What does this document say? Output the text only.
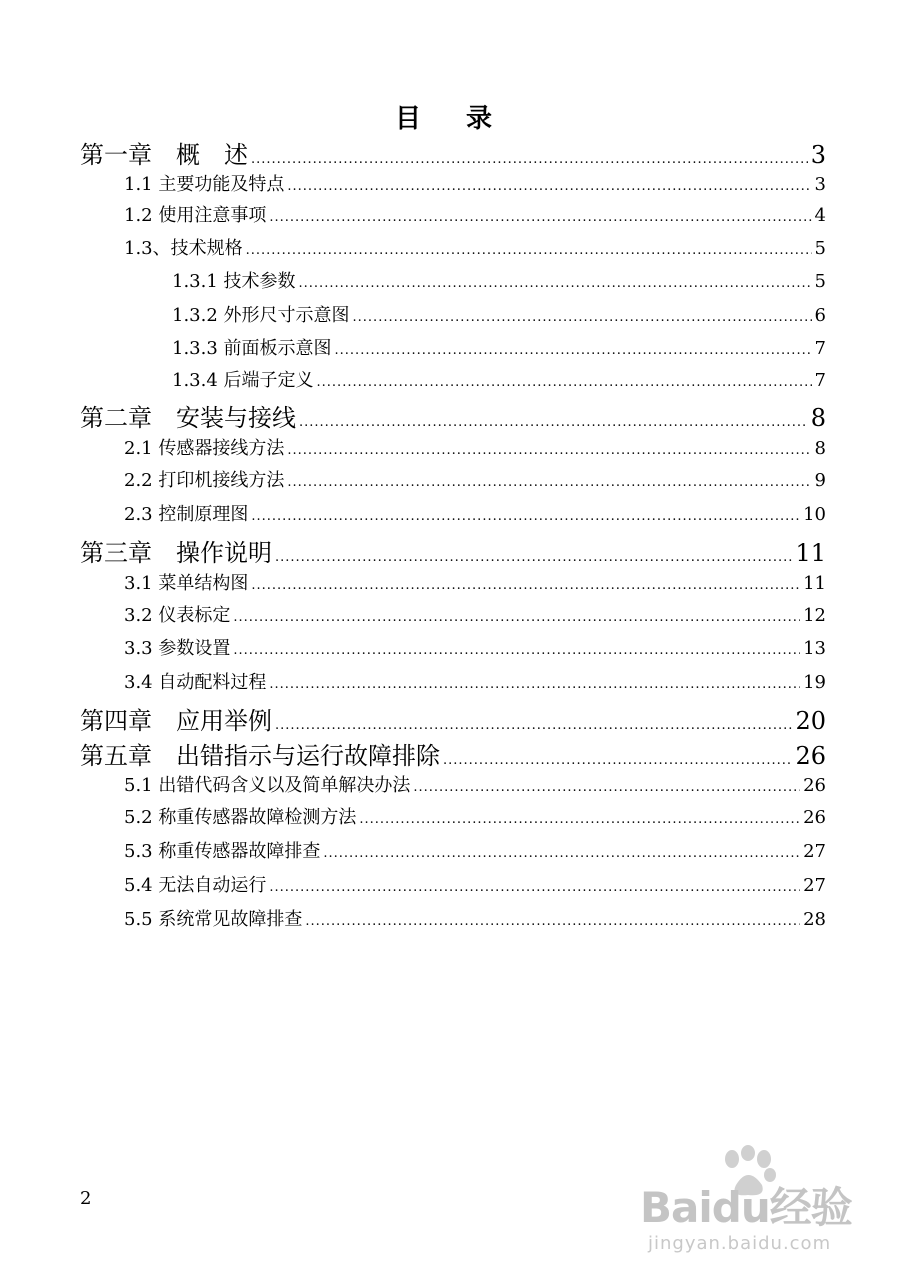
目 录
第一章　概　述 .....	3
1.1 主要功能及特点 .....	3
1.2 使用注意事项 .....	4
1.3、技术规格 .....	5
1.3.1 技术参数 .....	5
1.3.2 外形尺寸示意图 .....	6
1.3.3 前面板示意图 .....	7
1.3.4 后端子定义 .....	7
第二章　安装与接线 .....	8
2.1 传感器接线方法 .....	8
2.2 打印机接线方法 .....	9
2.3 控制原理图 .....	10
第三章　操作说明 .....	11
3.1 菜单结构图 .....	11
3.2 仪表标定 .....	12
3.3 参数设置 .....	13
3.4 自动配料过程 .....	19
第四章　应用举例 .....	20
第五章　出错指示与运行故障排除 .....	26
5.1 出错代码含义以及简单解决办法 .....	26
5.2 称重传感器故障检测方法 .....	26
5.3 称重传感器故障排查 .....	27
5.4 无法自动运行 .....	27
5.5 系统常见故障排查 .....	28
2	Baidu经验
jingyan.baidu.com
